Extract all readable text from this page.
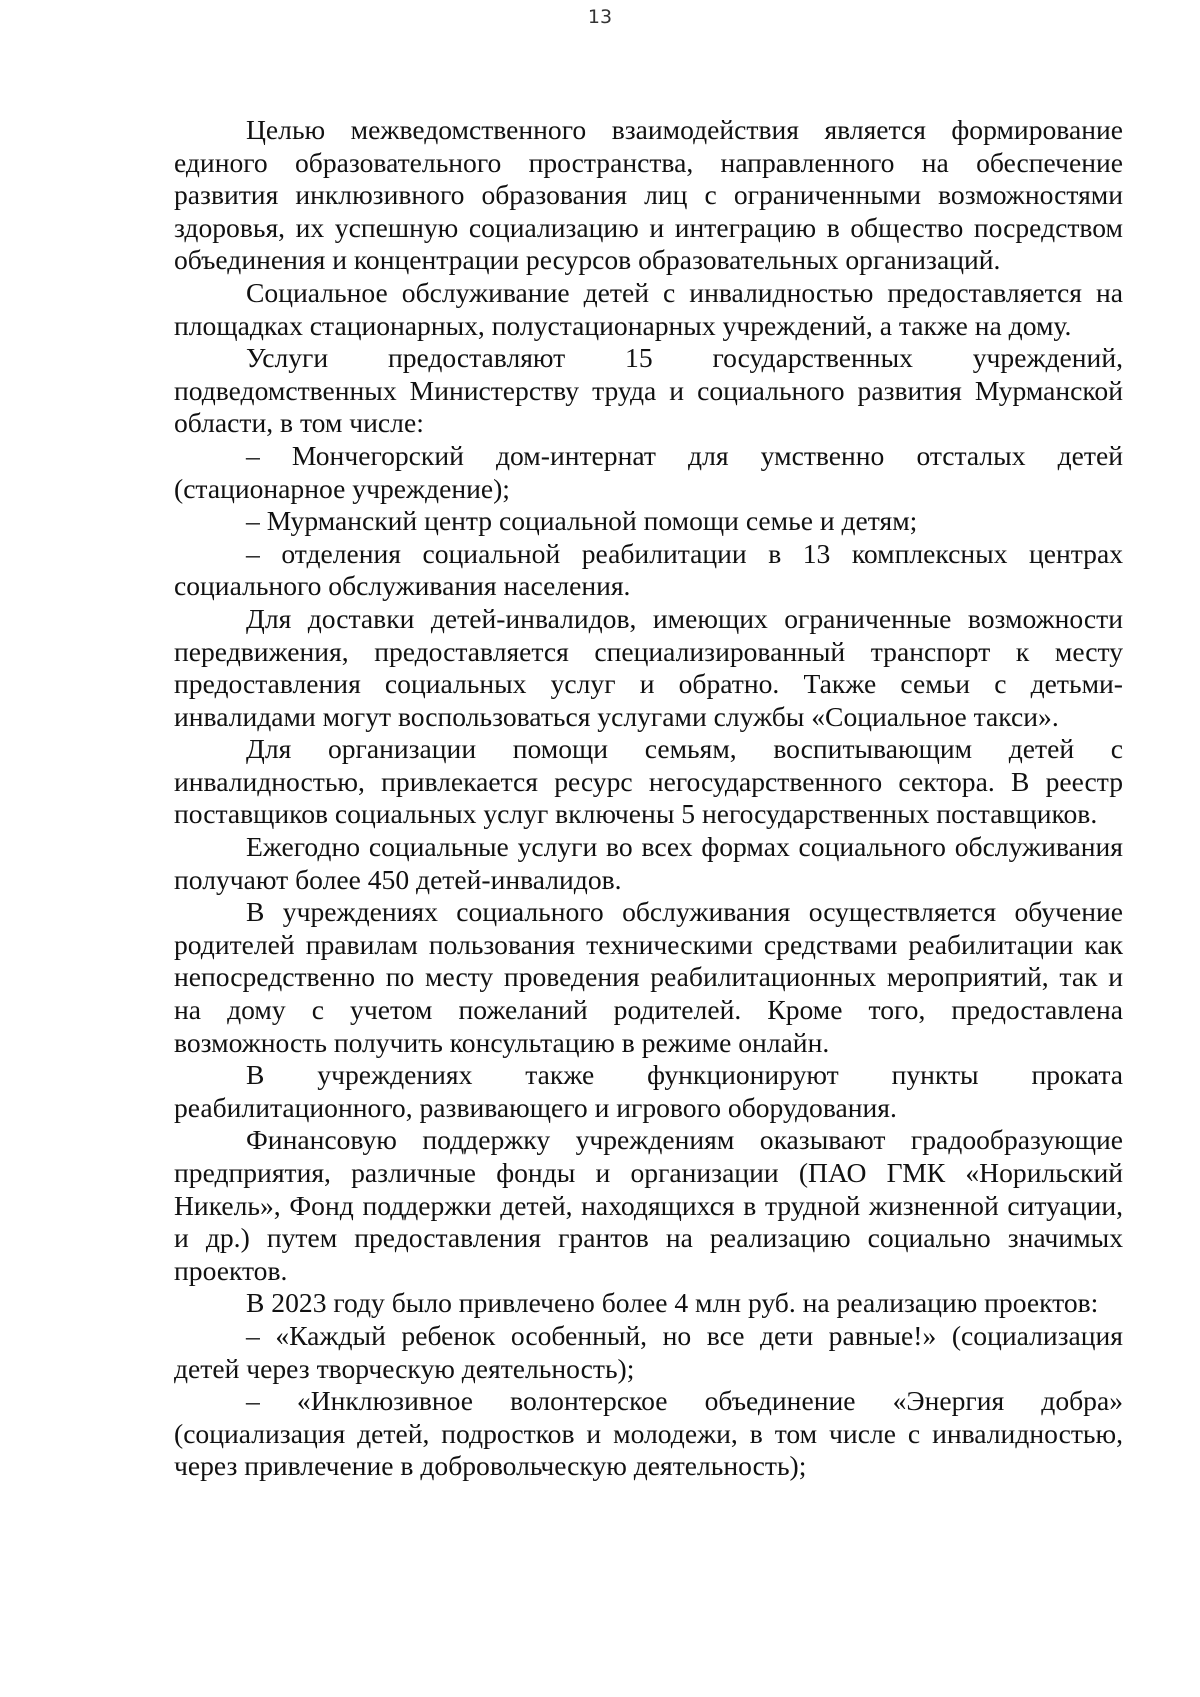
13

Целью межведомственного взаимодействия является формирование единого образовательного пространства, направленного на обеспечение развития инклюзивного образования лиц с ограниченными возможностями здоровья, их успешную социализацию и интеграцию в общество посредством объединения и концентрации ресурсов образовательных организаций.

Социальное обслуживание детей с инвалидностью предоставляется на площадках стационарных, полустационарных учреждений, а также на дому.

Услуги предоставляют 15 государственных учреждений, подведомственных Министерству труда и социального развития Мурманской области, в том числе:

– Мончегорский дом-интернат для умственно отсталых детей (стационарное учреждение);

– Мурманский центр социальной помощи семье и детям;

– отделения социальной реабилитации в 13 комплексных центрах социального обслуживания населения.

Для доставки детей-инвалидов, имеющих ограниченные возможности передвижения, предоставляется специализированный транспорт к месту предоставления социальных услуг и обратно. Также семьи с детьми-инвалидами могут воспользоваться услугами службы «Социальное такси».

Для организации помощи семьям, воспитывающим детей с инвалидностью, привлекается ресурс негосударственного сектора. В реестр поставщиков социальных услуг включены 5 негосударственных поставщиков.

Ежегодно социальные услуги во всех формах социального обслуживания получают более 450 детей-инвалидов.

В учреждениях социального обслуживания осуществляется обучение родителей правилам пользования техническими средствами реабилитации как непосредственно по месту проведения реабилитационных мероприятий, так и на дому с учетом пожеланий родителей. Кроме того, предоставлена возможность получить консультацию в режиме онлайн.

В учреждениях также функционируют пункты проката реабилитационного, развивающего и игрового оборудования.

Финансовую поддержку учреждениям оказывают градообразующие предприятия, различные фонды и организации (ПАО ГМК «Норильский Никель», Фонд поддержки детей, находящихся в трудной жизненной ситуации, и др.) путем предоставления грантов на реализацию социально значимых проектов.

В 2023 году было привлечено более 4 млн руб. на реализацию проектов:

– «Каждый ребенок особенный, но все дети равные!» (социализация детей через творческую деятельность);

– «Инклюзивное волонтерское объединение «Энергия добра» (социализация детей, подростков и молодежи, в том числе с инвалидностью, через привлечение в добровольческую деятельность);
